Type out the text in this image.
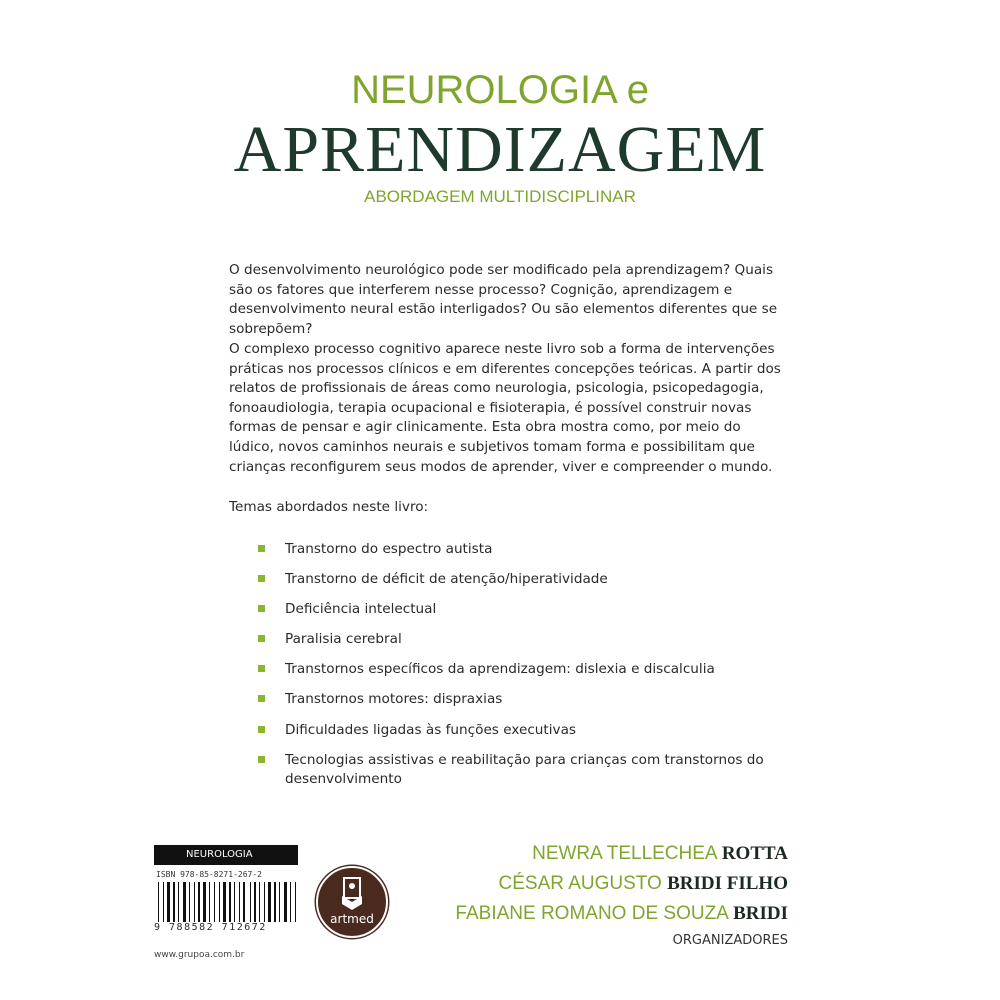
NEUROLOGIA e
APRENDIZAGEM
ABORDAGEM MULTIDISCIPLINAR
O desenvolvimento neurológico pode ser modificado pela aprendizagem? Quais são os fatores que interferem nesse processo? Cognição, aprendizagem e desenvolvimento neural estão interligados? Ou são elementos diferentes que se sobrepõem?
O complexo processo cognitivo aparece neste livro sob a forma de intervenções práticas nos processos clínicos e em diferentes concepções teóricas. A partir dos relatos de profissionais de áreas como neurologia, psicologia, psicopedagogia, fonoaudiologia, terapia ocupacional e fisioterapia, é possível construir novas formas de pensar e agir clinicamente. Esta obra mostra como, por meio do lúdico, novos caminhos neurais e subjetivos tomam forma e possibilitam que crianças reconfigurem seus modos de aprender, viver e compreender o mundo.
Temas abordados neste livro:
Transtorno do espectro autista
Transtorno de déficit de atenção/hiperatividade
Deficiência intelectual
Paralisia cerebral
Transtornos específicos da aprendizagem: dislexia e discalculia
Transtornos motores: dispraxias
Dificuldades ligadas às funções executivas
Tecnologias assistivas e reabilitação para crianças com transtornos do desenvolvimento
NEUROLOGIA
ISBN 978-85-8271-267-2
9 788582 712672
www.grupoa.com.br
artmed
NEWRA TELLECHEA ROTTA
CÉSAR AUGUSTO BRIDI FILHO
FABIANE ROMANO DE SOUZA BRIDI
ORGANIZADORES
